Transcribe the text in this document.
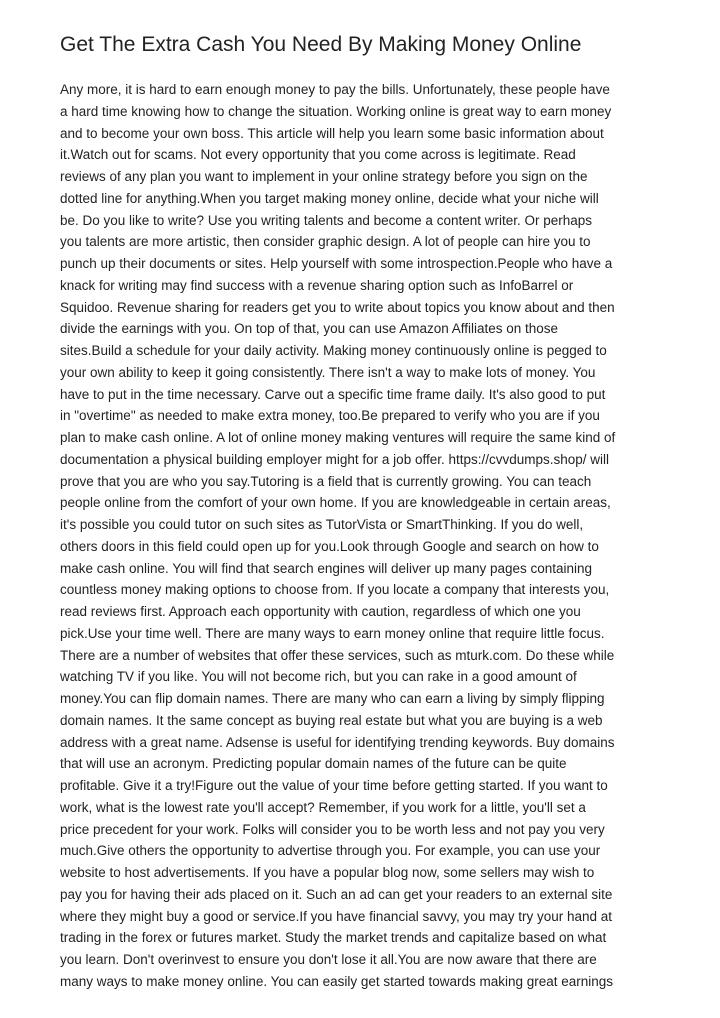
Get The Extra Cash You Need By Making Money Online
Any more, it is hard to earn enough money to pay the bills. Unfortunately, these people have
a hard time knowing how to change the situation. Working online is great way to earn money
and to become your own boss. This article will help you learn some basic information about
it.Watch out for scams. Not every opportunity that you come across is legitimate. Read
reviews of any plan you want to implement in your online strategy before you sign on the
dotted line for anything.When you target making money online, decide what your niche will
be. Do you like to write? Use you writing talents and become a content writer. Or perhaps
you talents are more artistic, then consider graphic design. A lot of people can hire you to
punch up their documents or sites. Help yourself with some introspection.People who have a
knack for writing may find success with a revenue sharing option such as InfoBarrel or
Squidoo. Revenue sharing for readers get you to write about topics you know about and then
divide the earnings with you. On top of that, you can use Amazon Affiliates on those
sites.Build a schedule for your daily activity. Making money continuously online is pegged to
your own ability to keep it going consistently. There isn't a way to make lots of money. You
have to put in the time necessary. Carve out a specific time frame daily. It's also good to put
in "overtime" as needed to make extra money, too.Be prepared to verify who you are if you
plan to make cash online. A lot of online money making ventures will require the same kind of
documentation a physical building employer might for a job offer. https://cvvdumps.shop/ will
prove that you are who you say.Tutoring is a field that is currently growing. You can teach
people online from the comfort of your own home. If you are knowledgeable in certain areas,
it's possible you could tutor on such sites as TutorVista or SmartThinking. If you do well,
others doors in this field could open up for you.Look through Google and search on how to
make cash online. You will find that search engines will deliver up many pages containing
countless money making options to choose from. If you locate a company that interests you,
read reviews first. Approach each opportunity with caution, regardless of which one you
pick.Use your time well. There are many ways to earn money online that require little focus.
There are a number of websites that offer these services, such as mturk.com. Do these while
watching TV if you like. You will not become rich, but you can rake in a good amount of
money.You can flip domain names. There are many who can earn a living by simply flipping
domain names. It the same concept as buying real estate but what you are buying is a web
address with a great name. Adsense is useful for identifying trending keywords. Buy domains
that will use an acronym. Predicting popular domain names of the future can be quite
profitable. Give it a try!Figure out the value of your time before getting started. If you want to
work, what is the lowest rate you'll accept? Remember, if you work for a little, you'll set a
price precedent for your work. Folks will consider you to be worth less and not pay you very
much.Give others the opportunity to advertise through you. For example, you can use your
website to host advertisements. If you have a popular blog now, some sellers may wish to
pay you for having their ads placed on it. Such an ad can get your readers to an external site
where they might buy a good or service.If you have financial savvy, you may try your hand at
trading in the forex or futures market. Study the market trends and capitalize based on what
you learn. Don't overinvest to ensure you don't lose it all.You are now aware that there are
many ways to make money online. You can easily get started towards making great earnings
